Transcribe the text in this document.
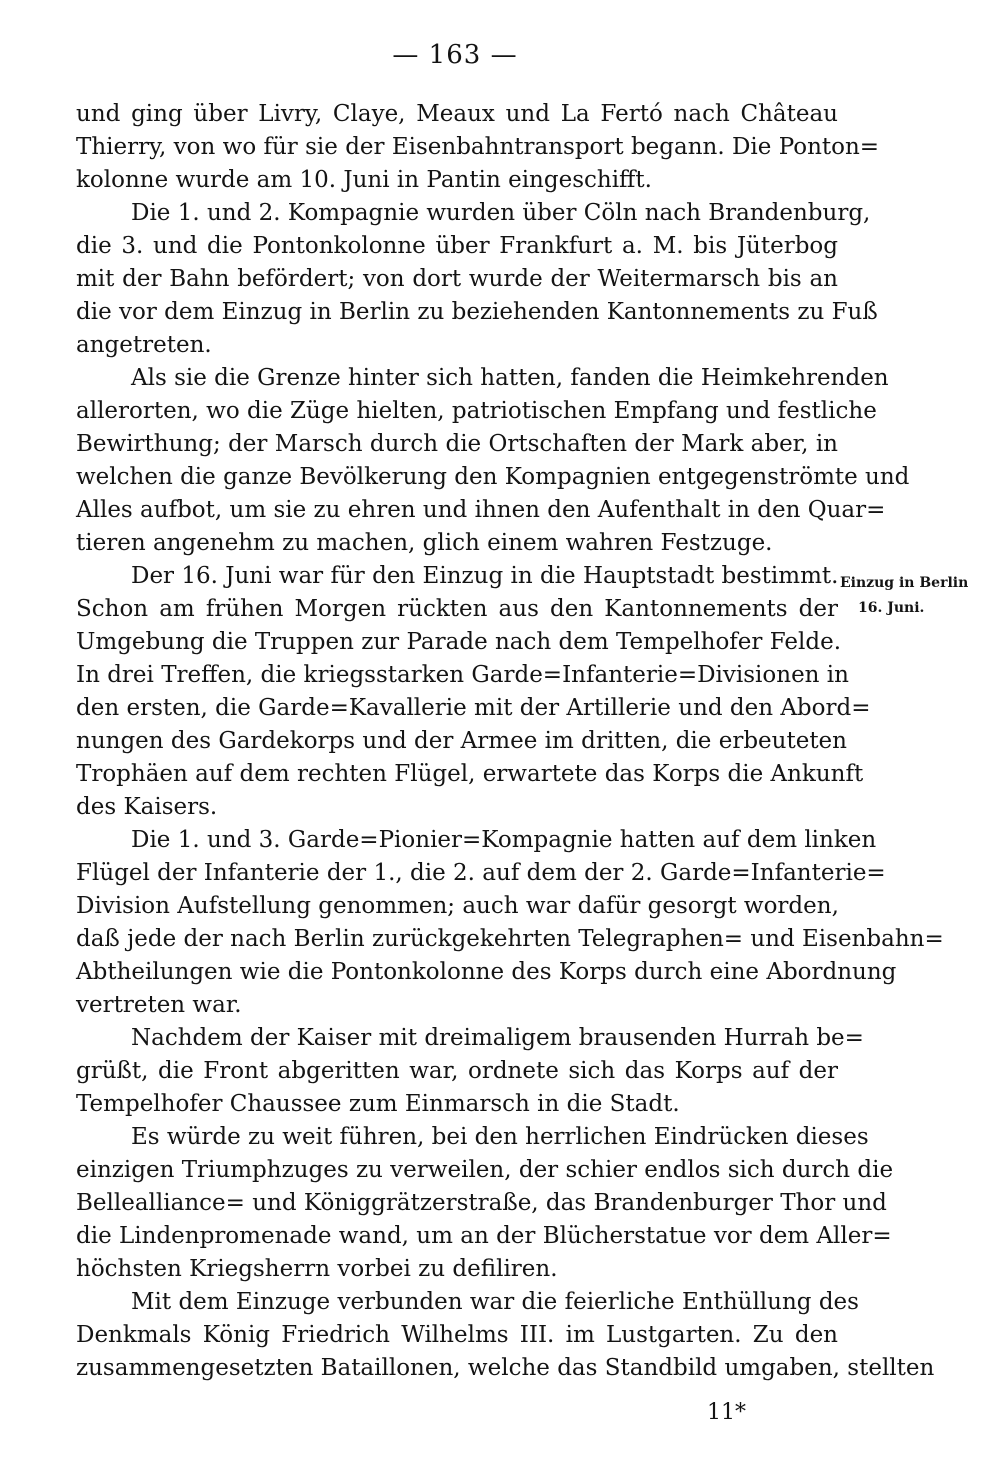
— 163 —
und ging über Livry, Claye, Meaux und La Fertó nach Château
Thierry, von wo für sie der Eisenbahntransport begann. Die Ponton=
kolonne wurde am 10. Juni in Pantin eingeschifft.
Die 1. und 2. Kompagnie wurden über Cöln nach Brandenburg,
die 3. und die Pontonkolonne über Frankfurt a. M. bis Jüterbog
mit der Bahn befördert; von dort wurde der Weitermarsch bis an
die vor dem Einzug in Berlin zu beziehenden Kantonnements zu Fuß
angetreten.
Als sie die Grenze hinter sich hatten, fanden die Heimkehrenden
allerorten, wo die Züge hielten, patriotischen Empfang und festliche
Bewirthung; der Marsch durch die Ortschaften der Mark aber, in
welchen die ganze Bevölkerung den Kompagnien entgegenströmte und
Alles aufbot, um sie zu ehren und ihnen den Aufenthalt in den Quar=
tieren angenehm zu machen, glich einem wahren Festzuge.
Der 16. Juni war für den Einzug in die Hauptstadt bestimmt.
Schon am frühen Morgen rückten aus den Kantonnements der
Umgebung die Truppen zur Parade nach dem Tempelhofer Felde.
In drei Treffen, die kriegsstarken Garde=Infanterie=Divisionen in
den ersten, die Garde=Kavallerie mit der Artillerie und den Abord=
nungen des Gardekorps und der Armee im dritten, die erbeuteten
Trophäen auf dem rechten Flügel, erwartete das Korps die Ankunft
des Kaisers.
Die 1. und 3. Garde=Pionier=Kompagnie hatten auf dem linken
Flügel der Infanterie der 1., die 2. auf dem der 2. Garde=Infanterie=
Division Aufstellung genommen; auch war dafür gesorgt worden,
daß jede der nach Berlin zurückgekehrten Telegraphen= und Eisenbahn=
Abtheilungen wie die Pontonkolonne des Korps durch eine Abordnung
vertreten war.
Nachdem der Kaiser mit dreimaligem brausenden Hurrah be=
grüßt, die Front abgeritten war, ordnete sich das Korps auf der
Tempelhofer Chaussee zum Einmarsch in die Stadt.
Es würde zu weit führen, bei den herrlichen Eindrücken dieses
einzigen Triumphzuges zu verweilen, der schier endlos sich durch die
Bellealliance= und Königgrätzerstraße, das Brandenburger Thor und
die Lindenpromenade wand, um an der Blücherstatue vor dem Aller=
höchsten Kriegsherrn vorbei zu defiliren.
Mit dem Einzuge verbunden war die feierliche Enthüllung des
Denkmals König Friedrich Wilhelms III. im Lustgarten. Zu den
zusammengesetzten Bataillonen, welche das Standbild umgaben, stellten
Einzug in Berlin
16. Juni.
11*
